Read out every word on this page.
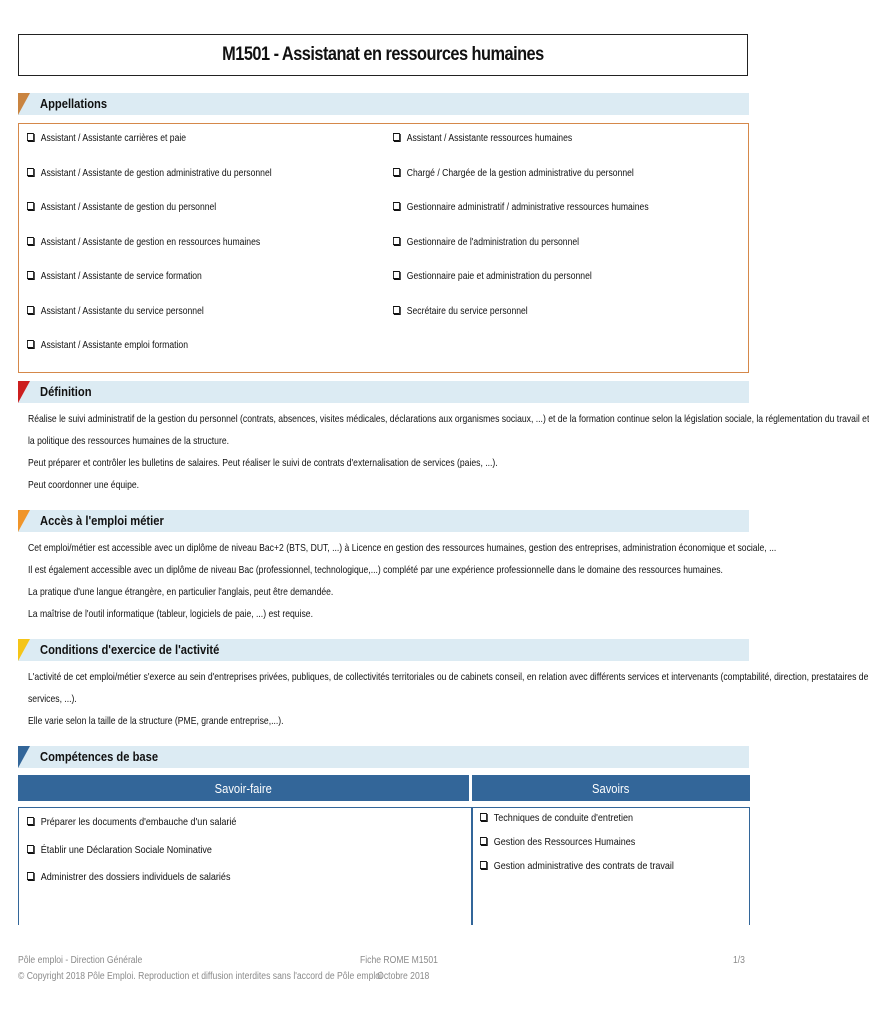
M1501 - Assistanat en ressources humaines
Appellations
Assistant / Assistante carrières et paie
Assistant / Assistante de gestion administrative du personnel
Assistant / Assistante de gestion du personnel
Assistant / Assistante de gestion en ressources humaines
Assistant / Assistante de service formation
Assistant / Assistante du service personnel
Assistant / Assistante emploi formation
Assistant / Assistante ressources humaines
Chargé / Chargée de la gestion administrative du personnel
Gestionnaire administratif / administrative ressources humaines
Gestionnaire de l'administration du personnel
Gestionnaire paie et administration du personnel
Secrétaire du service personnel
Définition
Réalise le suivi administratif de la gestion du personnel (contrats, absences, visites médicales, déclarations aux organismes sociaux, ...) et de la formation continue selon la législation sociale, la réglementation du travail et
la politique des ressources humaines de la structure.
Peut préparer et contrôler les bulletins de salaires. Peut réaliser le suivi de contrats d'externalisation de services (paies, ...).
Peut coordonner une équipe.
Accès à l'emploi métier
Cet emploi/métier est accessible avec un diplôme de niveau Bac+2 (BTS, DUT, ...) à Licence en gestion des ressources humaines, gestion des entreprises, administration économique et sociale, ...
Il est également accessible avec un diplôme de niveau Bac (professionnel, technologique,...) complété par une expérience professionnelle dans le domaine des ressources humaines.
La pratique d'une langue étrangère, en particulier l'anglais, peut être demandée.
La maîtrise de l'outil informatique (tableur, logiciels de paie, ...) est requise.
Conditions d'exercice de l'activité
L'activité de cet emploi/métier s'exerce au sein d'entreprises privées, publiques, de collectivités territoriales ou de cabinets conseil, en relation avec différents services et intervenants (comptabilité, direction, prestataires de
services, ...).
Elle varie selon la taille de la structure (PME, grande entreprise,...).
Compétences de base
Savoir-faire	Savoirs
Préparer les documents d'embauche d'un salarié
Établir une Déclaration Sociale Nominative
Administrer des dossiers individuels de salariés
Techniques de conduite d'entretien
Gestion des Ressources Humaines
Gestion administrative des contrats de travail
Pôle emploi - Direction Générale
© Copyright 2018 Pôle Emploi. Reproduction et diffusion interdites sans l'accord de Pôle emploi
Fiche ROME M1501
Octobre 2018
1/3
